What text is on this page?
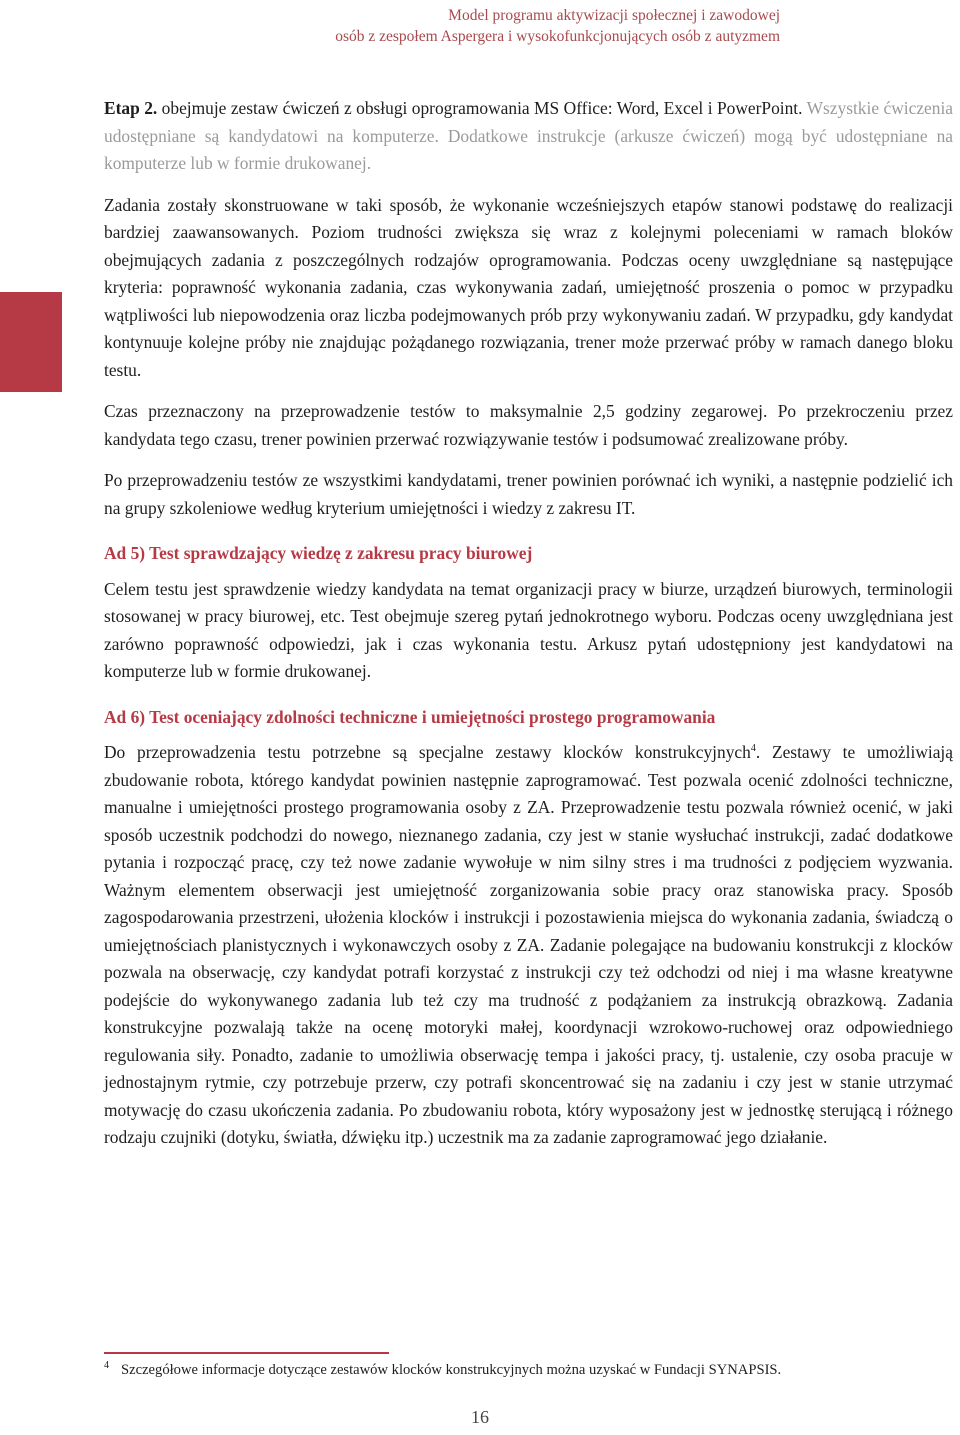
Model programu aktywizacji społecznej i zawodowej
osób z zespołem Aspergera i wysokofunkcjonujących osób z autyzmem

Etap 2. obejmuje zestaw ćwiczeń z obsługi oprogramowania MS Office: Word, Excel i PowerPoint. Wszystkie ćwiczenia udostępniane są kandydatowi na komputerze. Dodatkowe instrukcje (arkusze ćwiczeń) mogą być udostępniane na komputerze lub w formie drukowanej.

Zadania zostały skonstruowane w taki sposób, że wykonanie wcześniejszych etapów stanowi podstawę do realizacji bardziej zaawansowanych. Poziom trudności zwiększa się wraz z kolejnymi poleceniami w ramach bloków obejmujących zadania z poszczególnych rodzajów oprogramowania. Podczas oceny uwzględniane są następujące kryteria: poprawność wykonania zadania, czas wykonywania zadań, umiejętność proszenia o pomoc w przypadku wątpliwości lub niepowodzenia oraz liczba podejmowanych prób przy wykonywaniu zadań. W przypadku, gdy kandydat kontynuuje kolejne próby nie znajdując pożądanego rozwiązania, trener może przerwać próby w ramach danego bloku testu.

Czas przeznaczony na przeprowadzenie testów to maksymalnie 2,5 godziny zegarowej. Po przekroczeniu przez kandydata tego czasu, trener powinien przerwać rozwiązywanie testów i podsumować zrealizowane próby.

Po przeprowadzeniu testów ze wszystkimi kandydatami, trener powinien porównać ich wyniki, a następnie podzielić ich na grupy szkoleniowe według kryterium umiejętności i wiedzy z zakresu IT.

Ad 5) Test sprawdzający wiedzę z zakresu pracy biurowej

Celem testu jest sprawdzenie wiedzy kandydata na temat organizacji pracy w biurze, urządzeń biurowych, terminologii stosowanej w pracy biurowej, etc. Test obejmuje szereg pytań jednokrotnego wyboru. Podczas oceny uwzględniana jest zarówno poprawność odpowiedzi, jak i czas wykonania testu. Arkusz pytań udostępniony jest kandydatowi na komputerze lub w formie drukowanej.

Ad 6) Test oceniający zdolności techniczne i umiejętności prostego programowania

Do przeprowadzenia testu potrzebne są specjalne zestawy klocków konstrukcyjnych$^4$. Zestawy te umożliwiają zbudowanie robota, którego kandydat powinien następnie zaprogramować. Test pozwala ocenić zdolności techniczne, manualne i umiejętności prostego programowania osoby z ZA. Przeprowadzenie testu pozwala również ocenić, w jaki sposób uczestnik podchodzi do nowego, nieznanego zadania, czy jest w stanie wysłuchać instrukcji, zadać dodatkowe pytania i rozpocząć pracę, czy też nowe zadanie wywołuje w nim silny stres i ma trudności z podjęciem wyzwania. Ważnym elementem obserwacji jest umiejętność zorganizowania sobie pracy oraz stanowiska pracy. Sposób zagospodarowania przestrzeni, ułożenia klocków i instrukcji i pozostawienia miejsca do wykonania zadania, świadczą o umiejętnościach planistycznych i wykonawczych osoby z ZA. Zadanie polegające na budowaniu konstrukcji z klocków pozwala na obserwację, czy kandydat potrafi korzystać z instrukcji czy też odchodzi od niej i ma własne kreatywne podejście do wykonywanego zadania lub też czy ma trudność z podążaniem za instrukcją obrazkową. Zadania konstrukcyjne pozwalają także na ocenę motoryki małej, koordynacji wzrokowo-ruchowej oraz odpowiedniego regulowania siły. Ponadto, zadanie to umożliwia obserwację tempa i jakości pracy, tj. ustalenie, czy osoba pracuje w jednostajnym rytmie, czy potrzebuje przerw, czy potrafi skoncentrować się na zadaniu i czy jest w stanie utrzymać motywację do czasu ukończenia zadania. Po zbudowaniu robota, który wyposażony jest w jednostkę sterującą i różnego rodzaju czujniki (dotyku, światła, dźwięku itp.) uczestnik ma za zadanie zaprogramować jego działanie.

$^4$ Szczegółowe informacje dotyczące zestawów klocków konstrukcyjnych można uzyskać w Fundacji SYNAPSIS.
16
